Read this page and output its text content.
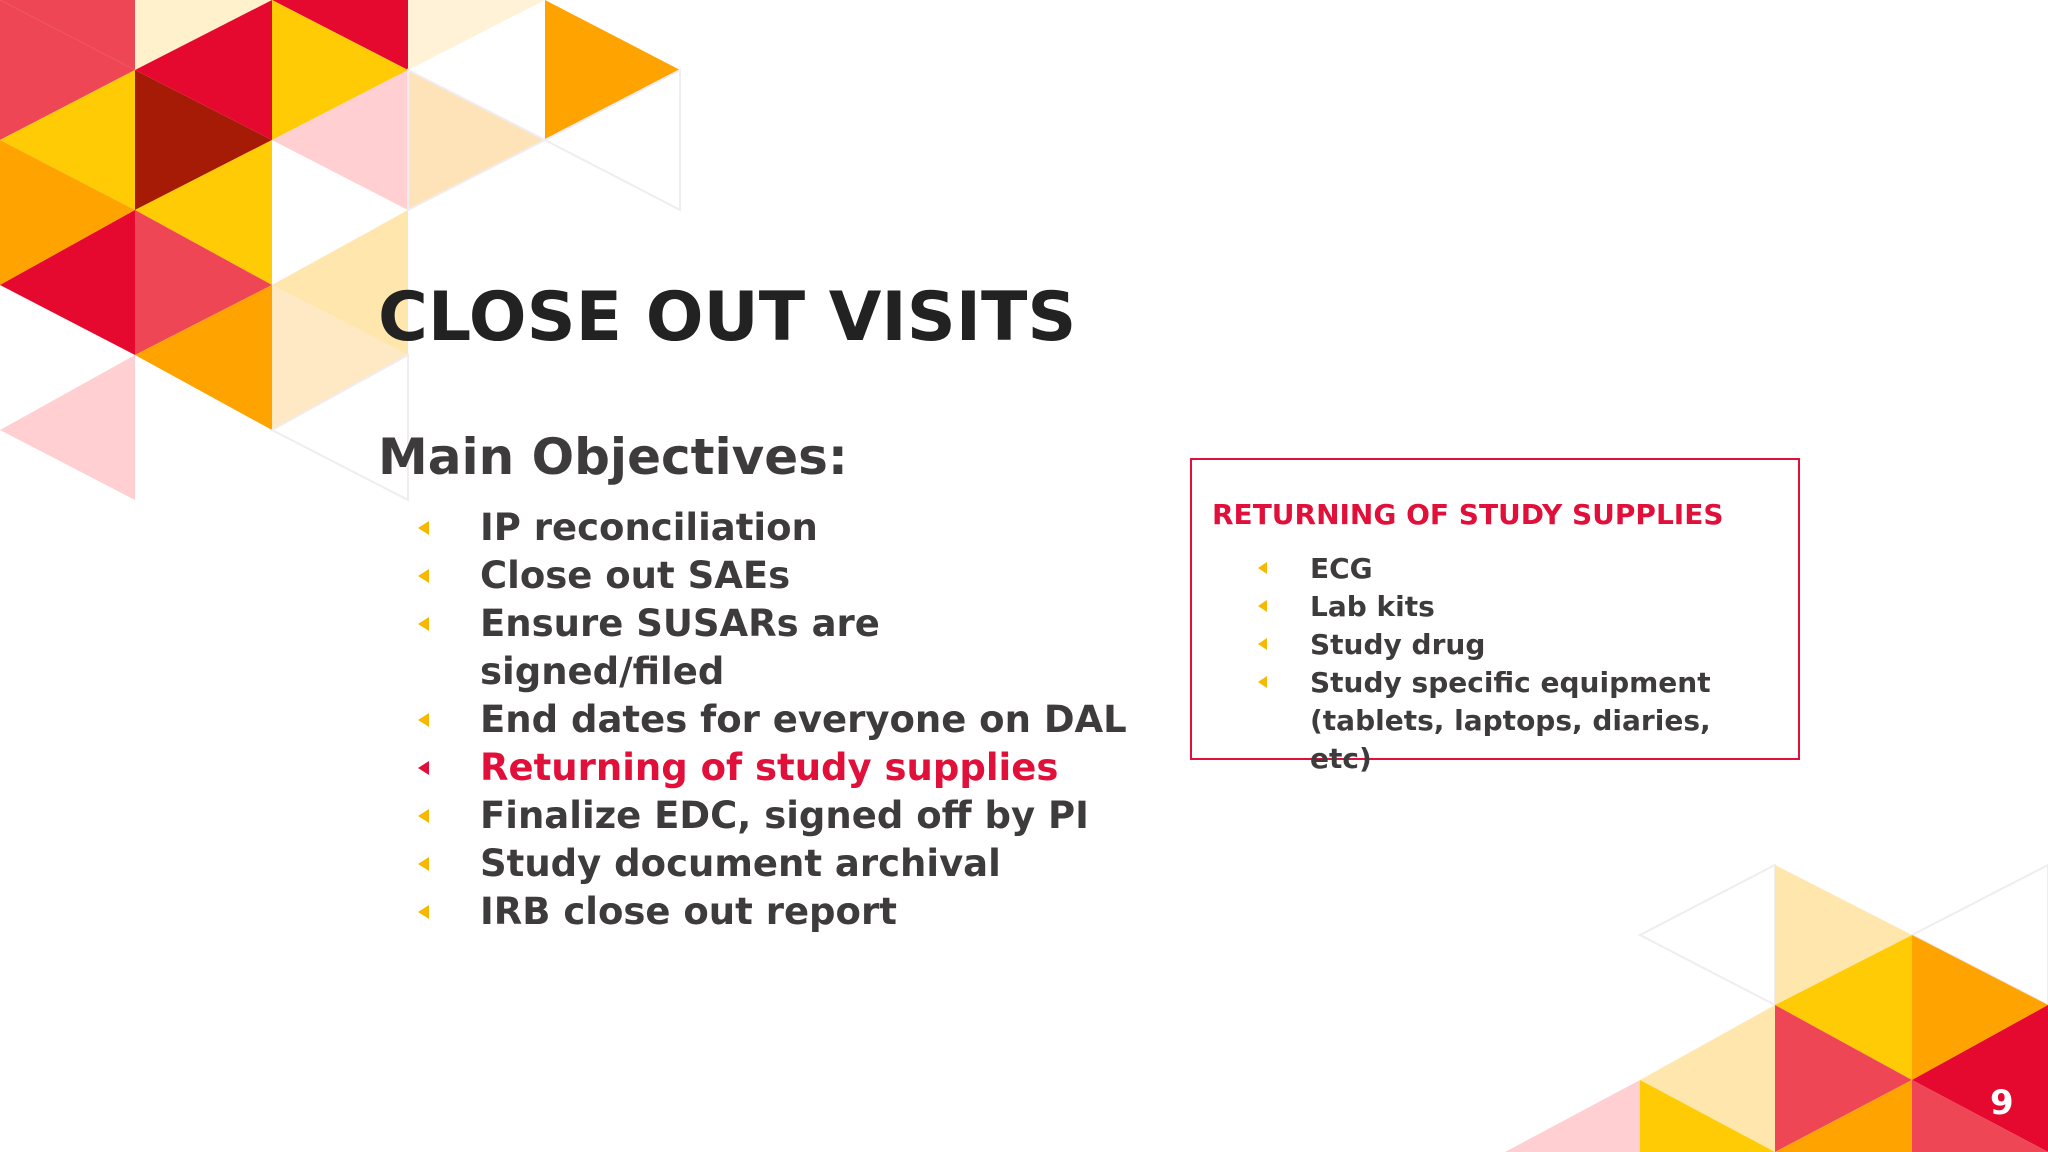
CLOSE OUT VISITS
Main Objectives:
IP reconciliation
Close out SAEs
Ensure SUSARs are
signed/filed
End dates for everyone on DAL
Returning of study supplies
Finalize EDC, signed off by PI
Study document archival
IRB close out report
RETURNING OF STUDY SUPPLIES
ECG
Lab kits
Study drug
Study specific equipment
(tablets, laptops, diaries,
etc)
9
